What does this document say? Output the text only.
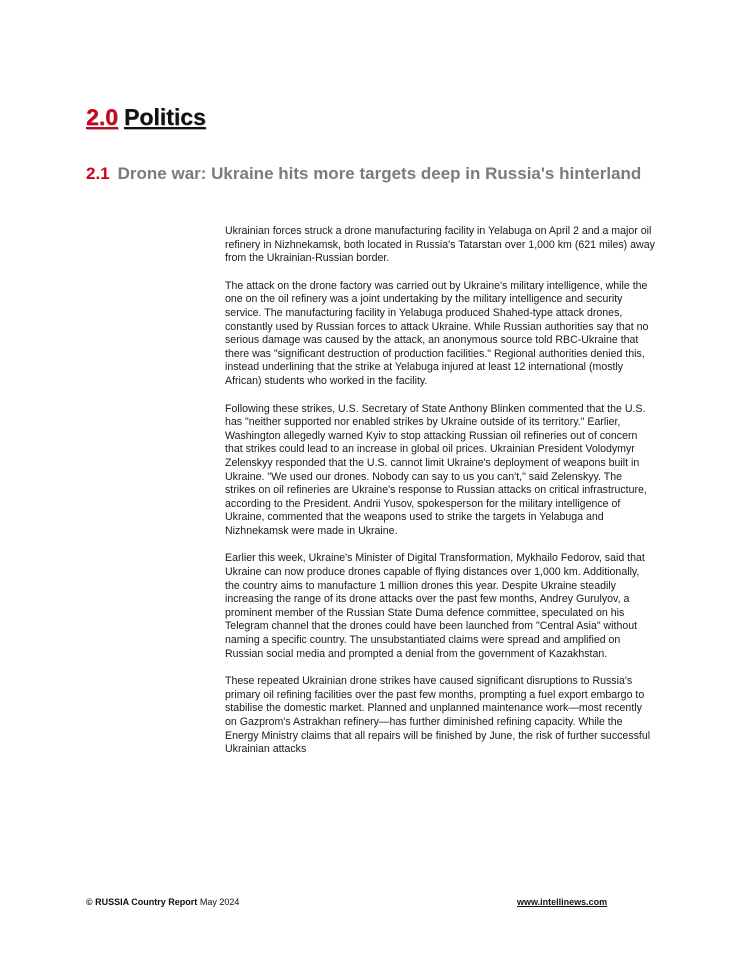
2.0 Politics
2.1 Drone war: Ukraine hits more targets deep in Russia's hinterland

Ukrainian forces struck a drone manufacturing facility in Yelabuga on April 2 and a major oil refinery in Nizhnekamsk, both located in Russia's Tatarstan over 1,000 km (621 miles) away from the Ukrainian-Russian border.

The attack on the drone factory was carried out by Ukraine's military intelligence, while the one on the oil refinery was a joint undertaking by the military intelligence and security service. The manufacturing facility in Yelabuga produced Shahed-type attack drones, constantly used by Russian forces to attack Ukraine. While Russian authorities say that no serious damage was caused by the attack, an anonymous source told RBC-Ukraine that there was "significant destruction of production facilities." Regional authorities denied this, instead underlining that the strike at Yelabuga injured at least 12 international (mostly African) students who worked in the facility.

Following these strikes, U.S. Secretary of State Anthony Blinken commented that the U.S. has "neither supported nor enabled strikes by Ukraine outside of its territory." Earlier, Washington allegedly warned Kyiv to stop attacking Russian oil refineries out of concern that strikes could lead to an increase in global oil prices. Ukrainian President Volodymyr Zelenskyy responded that the U.S. cannot limit Ukraine's deployment of weapons built in Ukraine. "We used our drones. Nobody can say to us you can't," said Zelenskyy. The strikes on oil refineries are Ukraine's response to Russian attacks on critical infrastructure, according to the President. Andrii Yusov, spokesperson for the military intelligence of Ukraine, commented that the weapons used to strike the targets in Yelabuga and Nizhnekamsk were made in Ukraine.

Earlier this week, Ukraine's Minister of Digital Transformation, Mykhailo Fedorov, said that Ukraine can now produce drones capable of flying distances over 1,000 km. Additionally, the country aims to manufacture 1 million drones this year. Despite Ukraine steadily increasing the range of its drone attacks over the past few months, Andrey Gurulyov, a prominent member of the Russian State Duma defence committee, speculated on his Telegram channel that the drones could have been launched from "Central Asia" without naming a specific country. The unsubstantiated claims were spread and amplified on Russian social media and prompted a denial from the government of Kazakhstan.

These repeated Ukrainian drone strikes have caused significant disruptions to Russia's primary oil refining facilities over the past few months, prompting a fuel export embargo to stabilise the domestic market. Planned and unplanned maintenance work—most recently on Gazprom's Astrakhan refinery—has further diminished refining capacity. While the Energy Ministry claims that all repairs will be finished by June, the risk of further successful Ukrainian attacks

© RUSSIA Country Report May 2024	www.intellinews.com
